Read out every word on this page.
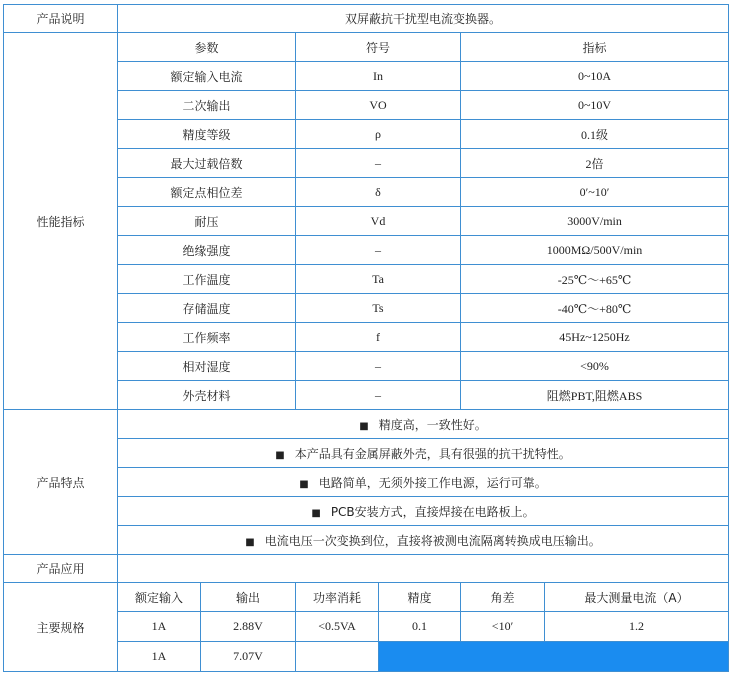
产品说明	双屏蔽抗干扰型电流变换器。					
性能指标	参数		符号		指标	
	额定输入电流		In		0~10A	
	二次输出		VO		0~10V	
	精度等级		ρ		0.1级	
	最大过载倍数		–		2倍	
	额定点相位差		δ		0′~10′	
	耐压		Vd		3000V/min	
	绝缘强度		–		1000MΩ/500V/min	
	工作温度		Ta		-25℃～+65℃	
	存储温度		Ts		-40℃～+80℃	
	工作频率		f		45Hz~1250Hz	
	相对湿度		–		<90%	
	外壳材料		–		阻燃PBT,阻燃ABS	
产品特点	■ 精度高，一致性好。					
	■ 本产品具有金属屏蔽外壳，具有很强的抗干扰特性。					
	■ 电路简单，无须外接工作电源，运行可靠。					
	■ PCB安装方式，直接焊接在电路板上。					
	■ 电流电压一次变换到位，直接将被测电流隔离转换成电压输出。					
产品应用						
主要规格	额定输入	输出	功率消耗	精度	角差	最大测量电流（A）
	1A	2.88V	<0.5VA	0.1	<10′	1.2
	1A	7.07V				
